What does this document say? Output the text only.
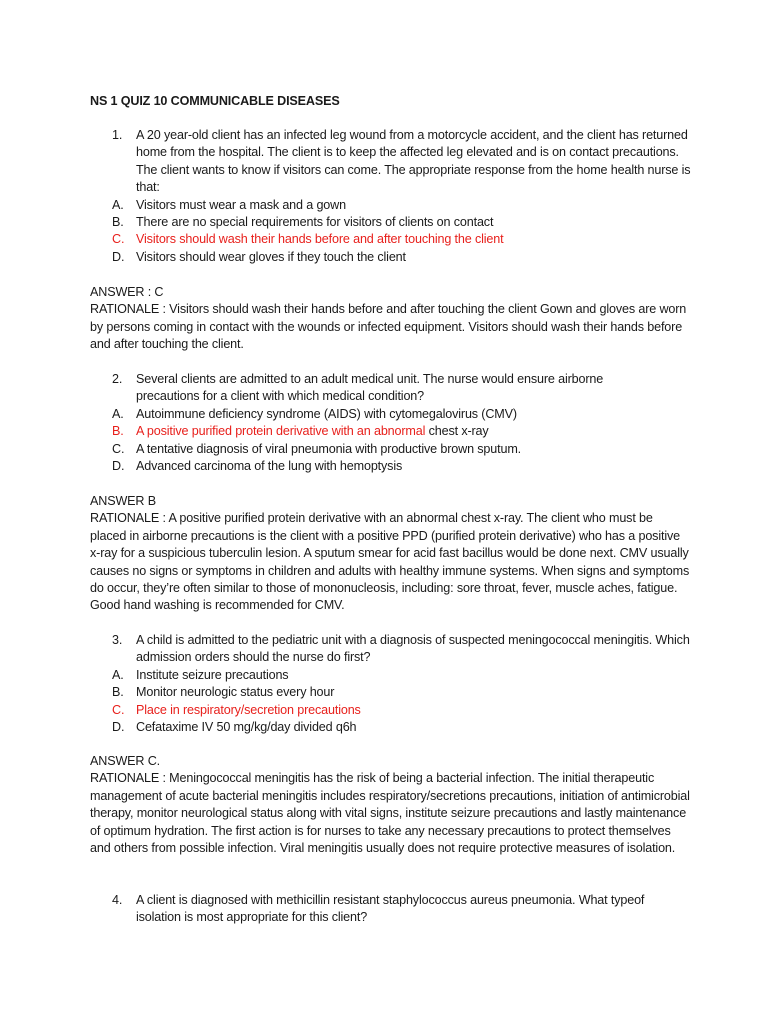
NS 1 QUIZ 10 COMMUNICABLE DISEASES
1. A 20 year-old client has an infected leg wound from a motorcycle accident, and the client has returned home from the hospital. The client is to keep the affected leg elevated and is on contact precautions. The client wants to know if visitors can come. The appropriate response from the home health nurse is that:
A. Visitors must wear a mask and a gown
B. There are no special requirements for visitors of clients on contact
C. Visitors should wash their hands before and after touching the client
D. Visitors should wear gloves if they touch the client

ANSWER : C

RATIONALE : Visitors should wash their hands before and after touching the client Gown and gloves are worn by persons coming in contact with the wounds or infected equipment. Visitors should wash their hands before and after touching the client.

2. Several clients are admitted to an adult medical unit. The nurse would ensure airborne precautions for a client with which medical condition?
A. Autoimmune deficiency syndrome (AIDS) with cytomegalovirus (CMV)
B. A positive purified protein derivative with an abnormal chest x-ray
C. A tentative diagnosis of viral pneumonia with productive brown sputum.
D. Advanced carcinoma of the lung with hemoptysis

ANSWER B

RATIONALE : A positive purified protein derivative with an abnormal chest x-ray. The client who must be placed in airborne precautions is the client with a positive PPD (purified protein derivative) who has a positive x-ray for a suspicious tuberculin lesion. A sputum smear for acid fast bacillus would be done next. CMV usually causes no signs or symptoms in children and adults with healthy immune systems. When signs and symptoms do occur, they’re often similar to those of mononucleosis, including: sore throat, fever, muscle aches, fatigue. Good hand washing is recommended for CMV.

3. A child is admitted to the pediatric unit with a diagnosis of suspected meningococcal meningitis. Which admission orders should the nurse do first?
A. Institute seizure precautions
B. Monitor neurologic status every hour
C. Place in respiratory/secretion precautions
D. Cefataxime IV 50 mg/kg/day divided q6h

ANSWER C.

RATIONALE : Meningococcal meningitis has the risk of being a bacterial infection. The initial therapeutic management of acute bacterial meningitis includes respiratory/secretions precautions, initiation of antimicrobial therapy, monitor neurological status along with vital signs, institute seizure precautions and lastly maintenance of optimum hydration. The first action is for nurses to take any necessary precautions to protect themselves and others from possible infection. Viral meningitis usually does not require protective measures of isolation.

4. A client is diagnosed with methicillin resistant staphylococcus aureus pneumonia. What typeof isolation is most appropriate for this client?
